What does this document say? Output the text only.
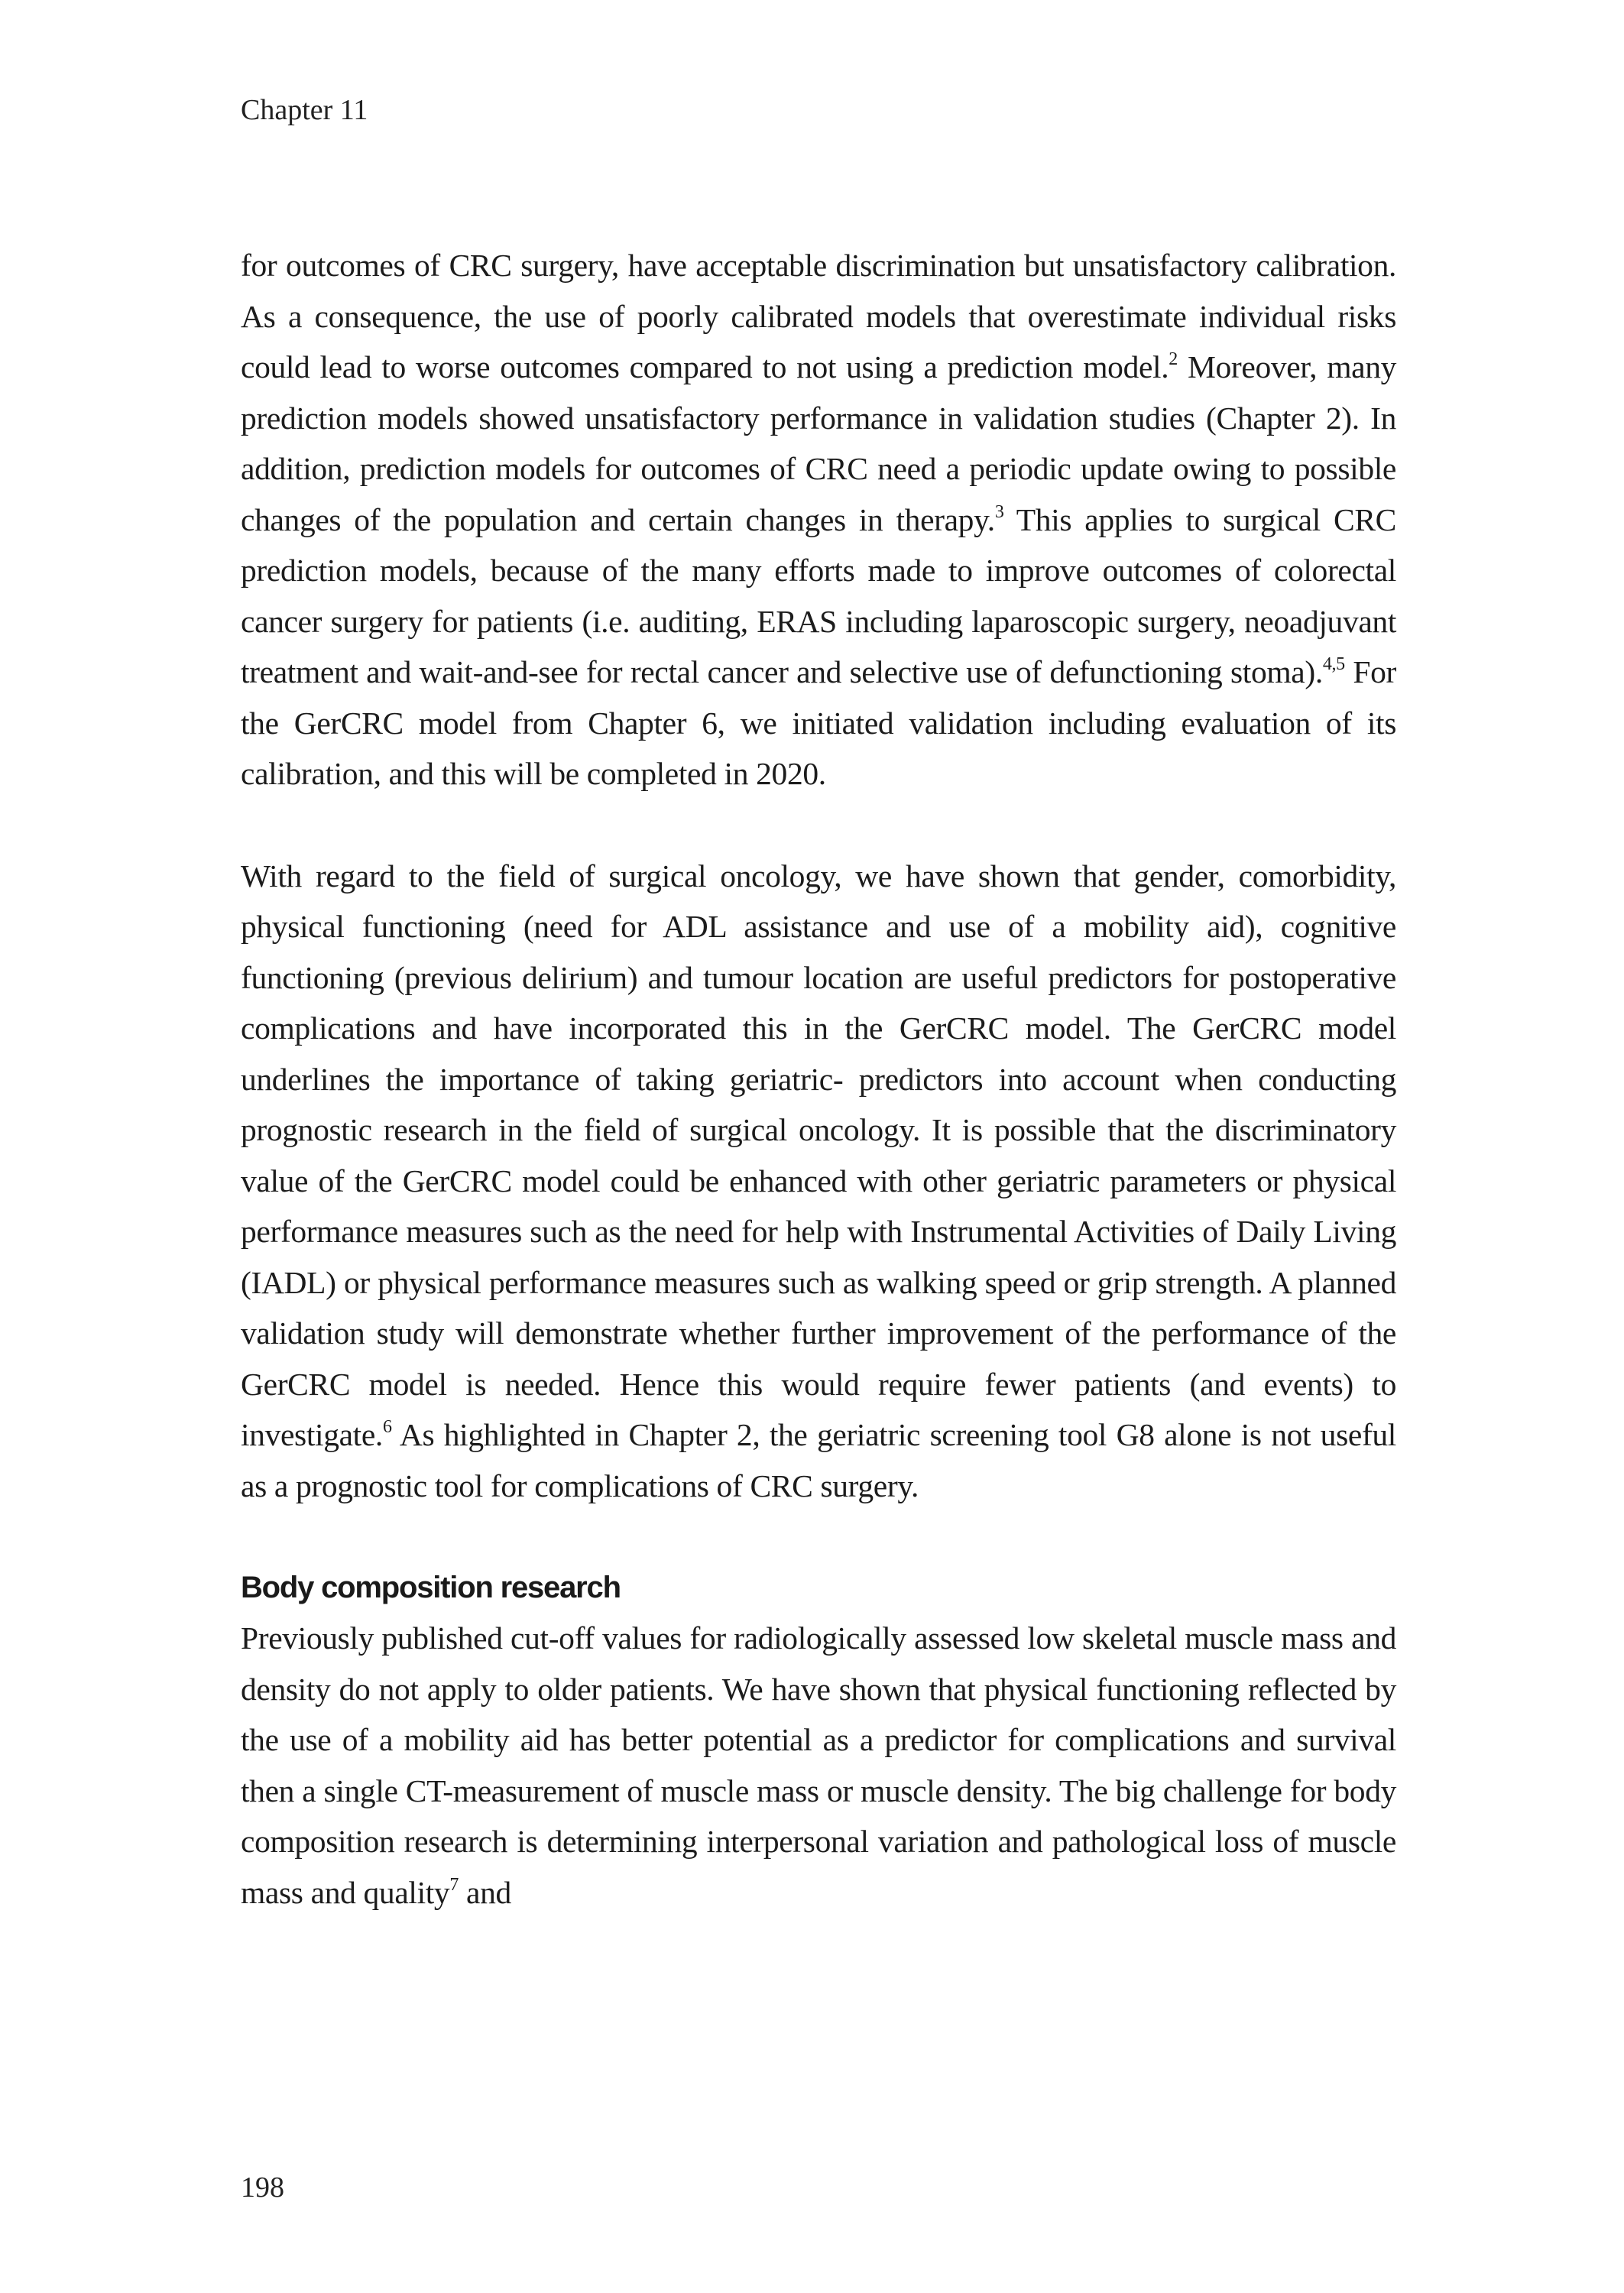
Chapter 11

for outcomes of CRC surgery, have acceptable discrimination but unsatisfactory calibration. As a consequence, the use of poorly calibrated models that overestimate individual risks could lead to worse outcomes compared to not using a prediction model.$^2$ Moreover, many prediction models showed unsatisfactory performance in validation studies (Chapter 2). In addition, prediction models for outcomes of CRC need a periodic update owing to possible changes of the population and certain changes in therapy.$^3$ This applies to surgical CRC prediction models, because of the many efforts made to improve outcomes of colorectal cancer surgery for patients (i.e. auditing, ERAS including laparoscopic surgery, neoadjuvant treatment and wait-and-see for rectal cancer and selective use of defunctioning stoma).$^{4,5}$ For the GerCRC model from Chapter 6, we initiated validation including evaluation of its calibration, and this will be completed in 2020.

With regard to the field of surgical oncology, we have shown that gender, comorbidity, physical functioning (need for ADL assistance and use of a mobility aid), cognitive functioning (previous delirium) and tumour location are useful predictors for postoperative complications and have incorporated this in the GerCRC model. The GerCRC model underlines the importance of taking geriatric- predictors into account when conducting prognostic research in the field of surgical oncology. It is possible that the discriminatory value of the GerCRC model could be enhanced with other geriatric parameters or physical performance measures such as the need for help with Instrumental Activities of Daily Living (IADL) or physical performance measures such as walking speed or grip strength. A planned validation study will demonstrate whether further improvement of the performance of the GerCRC model is needed. Hence this would require fewer patients (and events) to investigate.$^6$ As highlighted in Chapter 2, the geriatric screening tool G8 alone is not useful as a prognostic tool for complications of CRC surgery.

Body composition research

Previously published cut-off values for radiologically assessed low skeletal muscle mass and density do not apply to older patients. We have shown that physical functioning reflected by the use of a mobility aid has better potential as a predictor for complications and survival then a single CT-measurement of muscle mass or muscle density. The big challenge for body composition research is determining interpersonal variation and pathological loss of muscle mass and quality$^7$ and

198
